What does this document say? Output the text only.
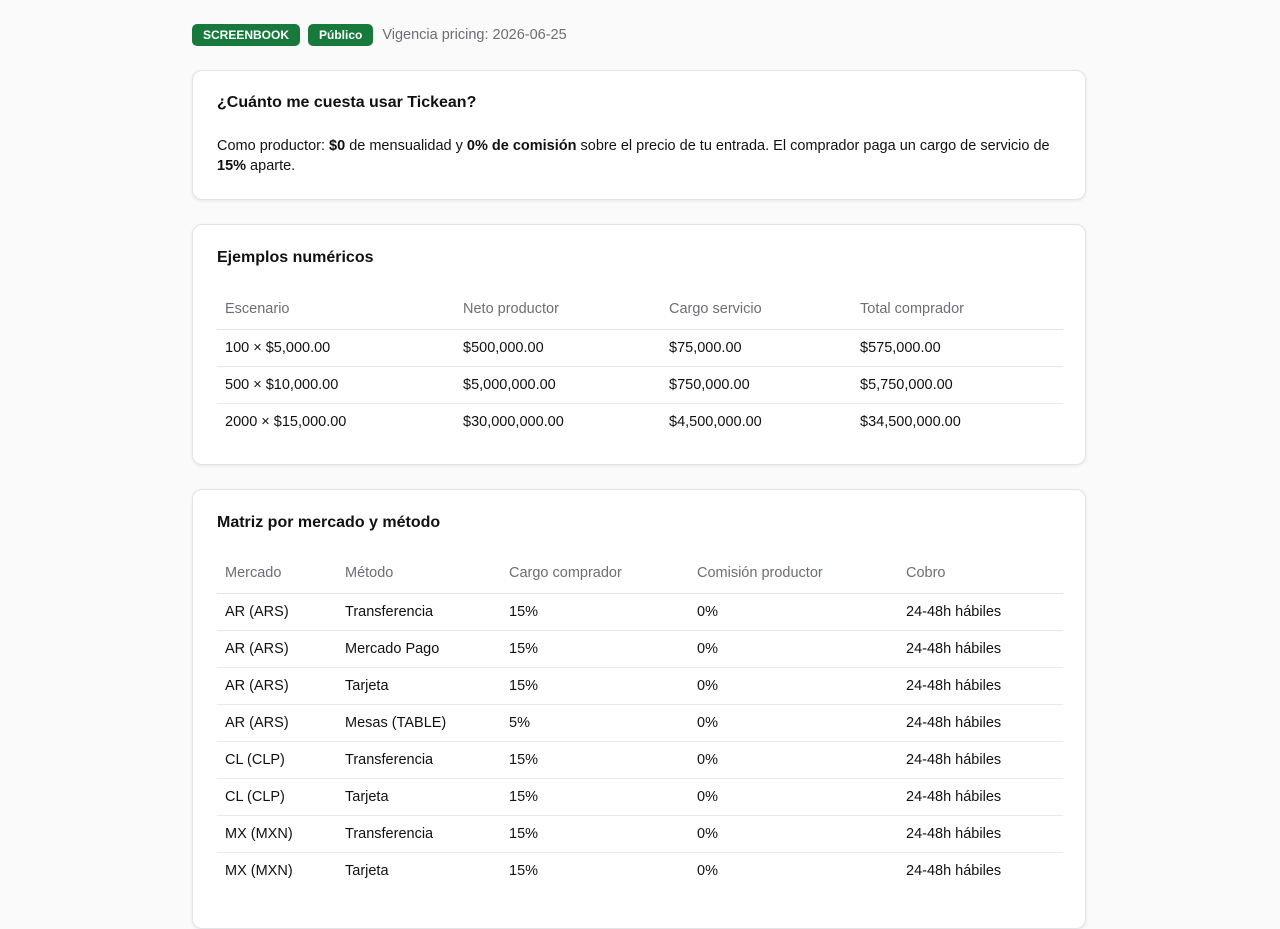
SCREENBOOK	Público	Vigencia pricing: 2026-06-25
¿Cuánto me cuesta usar Tickean?

Como productor: $0 de mensualidad y 0% de comisión sobre el precio de tu entrada. El comprador paga un cargo de servicio de 15% aparte.

Ejemplos numéricos
Escenario	Neto productor	Cargo servicio	Total comprador
100 × $5,000.00	$500,000.00	$75,000.00	$575,000.00
500 × $10,000.00	$5,000,000.00	$750,000.00	$5,750,000.00
2000 × $15,000.00	$30,000,000.00	$4,500,000.00	$34,500,000.00
Matriz por mercado y método
Mercado	Método	Cargo comprador	Comisión productor	Cobro
AR (ARS)	Transferencia	15%	0%	24-48h hábiles
AR (ARS)	Mercado Pago	15%	0%	24-48h hábiles
AR (ARS)	Tarjeta	15%	0%	24-48h hábiles
AR (ARS)	Mesas (TABLE)	5%	0%	24-48h hábiles
CL (CLP)	Transferencia	15%	0%	24-48h hábiles
CL (CLP)	Tarjeta	15%	0%	24-48h hábiles
MX (MXN)	Transferencia	15%	0%	24-48h hábiles
MX (MXN)	Tarjeta	15%	0%	24-48h hábiles
